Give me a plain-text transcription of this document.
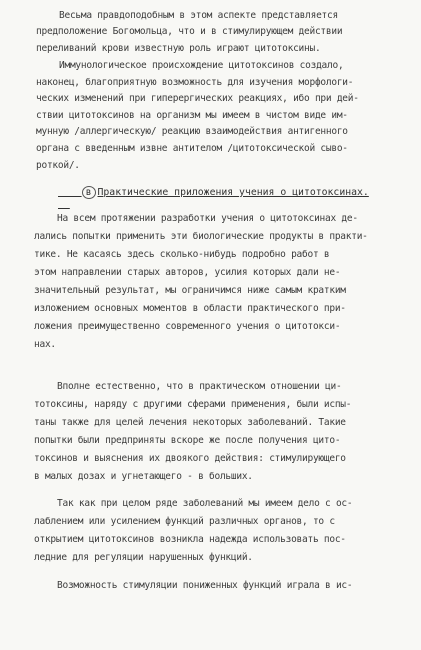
Весьма правдоподобным в этом аспекте представляется
предположение Богомольца, что и в стимулирующем действии
переливаний крови известную роль играют цитотоксины.
Иммунологическое происхождение цитотоксинов создало,
наконец, благоприятную возможность для изучения морфологи-
ческих изменений при гиперергических реакциях, ибо при дей-
ствии цитотоксинов на организм мы имеем в чистом виде им-
мунную /аллергическую/ реакцию взаимодействия антигенного
органа с введенным извне антителом /цитотоксической сыво-
роткой/.

в Практические приложения учения о цитотоксинах.

На всем протяжении разработки учения о цитотоксинах де-
лались попытки применить эти биологические продукты в практи-
тике. Не касаясь здесь сколько-нибудь подробно работ в
этом направлении старых авторов, усилия которых дали не-
значительный результат, мы ограничимся ниже самым кратким
изложением основных моментов в области практического при-
ложения преимущественно современного учения о цитотокси-
нах.
Вполне естественно, что в практическом отношении ци-
тотоксины, наряду с другими сферами применения, были испы-
таны также для целей лечения некоторых заболеваний. Такие
попытки были предприняты вскоре же после получения цито-
токсинов и выяснения их двоякого действия: стимулирующего
в малых дозах и угнетающего - в больших.
Так как при целом ряде заболеваний мы имеем дело с ос-
лаблением или усилением функций различных органов, то с
открытием цитотоксинов возникла надежда использовать пос-
ледние для регуляции нарушенных функций.
Возможность стимуляции пониженных функций играла в ис-
